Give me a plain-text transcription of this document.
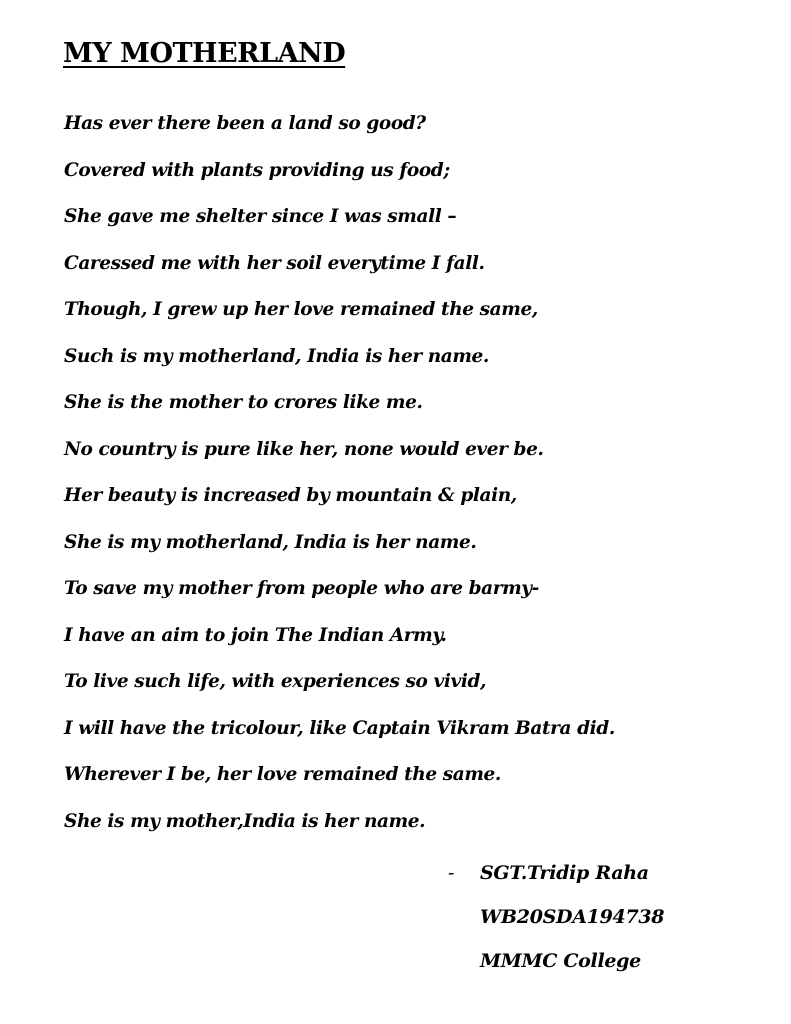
MY MOTHERLAND
Has ever there been a land so good?
Covered with plants providing us food;
She gave me shelter since I was small –
Caressed me with her soil everytime I fall.
Though, I grew up her love remained the same,
Such is my motherland, India is her name.
She is the mother to crores like me.
No country is pure like her, none would ever be.
Her beauty is increased by mountain & plain,
She is my motherland, India is her name.
To save my mother from people who are barmy-
I have an aim to join The Indian Army.
To live such life, with experiences so vivid,
I will have the tricolour, like Captain Vikram Batra did.
Wherever I be, her love remained the same.
She is my mother,India is her name.
-	SGT.Tridip Raha
WB20SDA194738
MMMC College
